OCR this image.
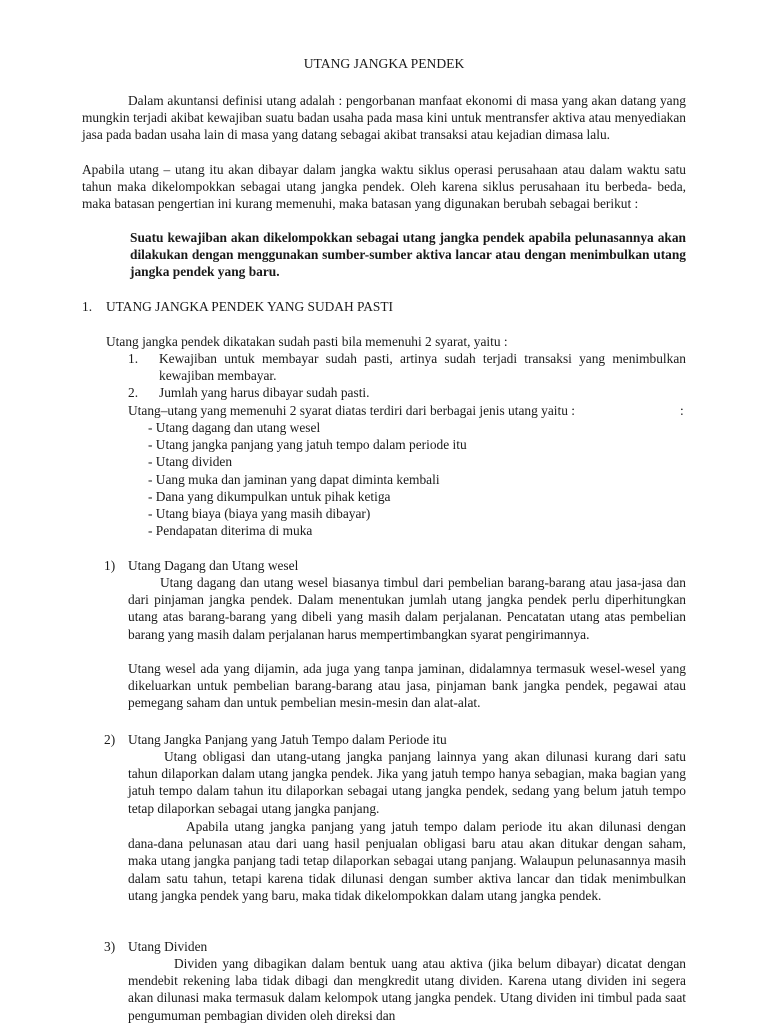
UTANG JANGKA PENDEK
Dalam akuntansi definisi utang adalah : pengorbanan manfaat ekonomi di masa yang akan datang yang mungkin terjadi akibat kewajiban suatu badan usaha pada masa kini untuk mentransfer aktiva atau menyediakan jasa pada badan usaha lain di masa yang datang sebagai akibat transaksi atau kejadian dimasa lalu.
Apabila utang – utang itu akan dibayar dalam jangka waktu siklus operasi perusahaan atau dalam waktu satu tahun maka dikelompokkan sebagai utang jangka pendek. Oleh karena siklus perusahaan itu berbeda- beda, maka batasan pengertian ini kurang memenuhi, maka batasan yang digunakan berubah sebagai berikut :
Suatu kewajiban akan dikelompokkan sebagai utang jangka pendek apabila pelunasannya akan dilakukan dengan menggunakan sumber-sumber aktiva lancar atau dengan menimbulkan utang jangka pendek yang baru.
1. UTANG JANGKA PENDEK YANG SUDAH PASTI
Utang jangka pendek dikatakan sudah pasti bila memenuhi 2 syarat, yaitu :
1. Kewajiban untuk membayar sudah pasti, artinya sudah terjadi transaksi yang menimbulkan kewajiban membayar.
2. Jumlah yang harus dibayar sudah pasti.
Utang–utang yang memenuhi 2 syarat diatas terdiri dari berbagai jenis utang yaitu :	:
- Utang dagang dan utang wesel
- Utang jangka panjang yang jatuh tempo dalam periode itu
- Utang dividen
- Uang muka dan jaminan yang dapat diminta kembali
- Dana yang dikumpulkan untuk pihak ketiga
- Utang biaya (biaya yang masih dibayar)
- Pendapatan diterima di muka
1) Utang Dagang dan Utang wesel
Utang dagang dan utang wesel biasanya timbul dari pembelian barang-barang atau jasa-jasa dan dari pinjaman jangka pendek. Dalam menentukan jumlah utang jangka pendek perlu diperhitungkan utang atas barang-barang yang dibeli yang masih dalam perjalanan. Pencatatan utang atas pembelian barang yang masih dalam perjalanan harus mempertimbangkan syarat pengirimannya.
Utang wesel ada yang dijamin, ada juga yang tanpa jaminan, didalamnya termasuk wesel-wesel yang dikeluarkan untuk pembelian barang-barang atau jasa, pinjaman bank jangka pendek, pegawai atau pemegang saham dan untuk pembelian mesin-mesin dan alat-alat.
2) Utang Jangka Panjang yang Jatuh Tempo dalam Periode itu
Utang obligasi dan utang-utang jangka panjang lainnya yang akan dilunasi kurang dari satu tahun dilaporkan dalam utang jangka pendek. Jika yang jatuh tempo hanya sebagian, maka bagian yang jatuh tempo dalam tahun itu dilaporkan sebagai utang jangka pendek, sedang yang belum jatuh tempo tetap dilaporkan sebagai utang jangka panjang.
Apabila utang jangka panjang yang jatuh tempo dalam periode itu akan dilunasi dengan dana-dana pelunasan atau dari uang hasil penjualan obligasi baru atau akan ditukar dengan saham, maka utang jangka panjang tadi tetap dilaporkan sebagai utang panjang. Walaupun pelunasannya masih dalam satu tahun, tetapi karena tidak dilunasi dengan sumber aktiva lancar dan tidak menimbulkan utang jangka pendek yang baru, maka tidak dikelompokkan dalam utang jangka pendek.
3) Utang Dividen
Dividen yang dibagikan dalam bentuk uang atau aktiva (jika belum dibayar) dicatat dengan mendebit rekening laba tidak dibagi dan mengkredit utang dividen. Karena utang dividen ini segera akan dilunasi maka termasuk dalam kelompok utang jangka pendek. Utang dividen ini timbul pada saat pengumuman pembagian dividen oleh direksi dan
